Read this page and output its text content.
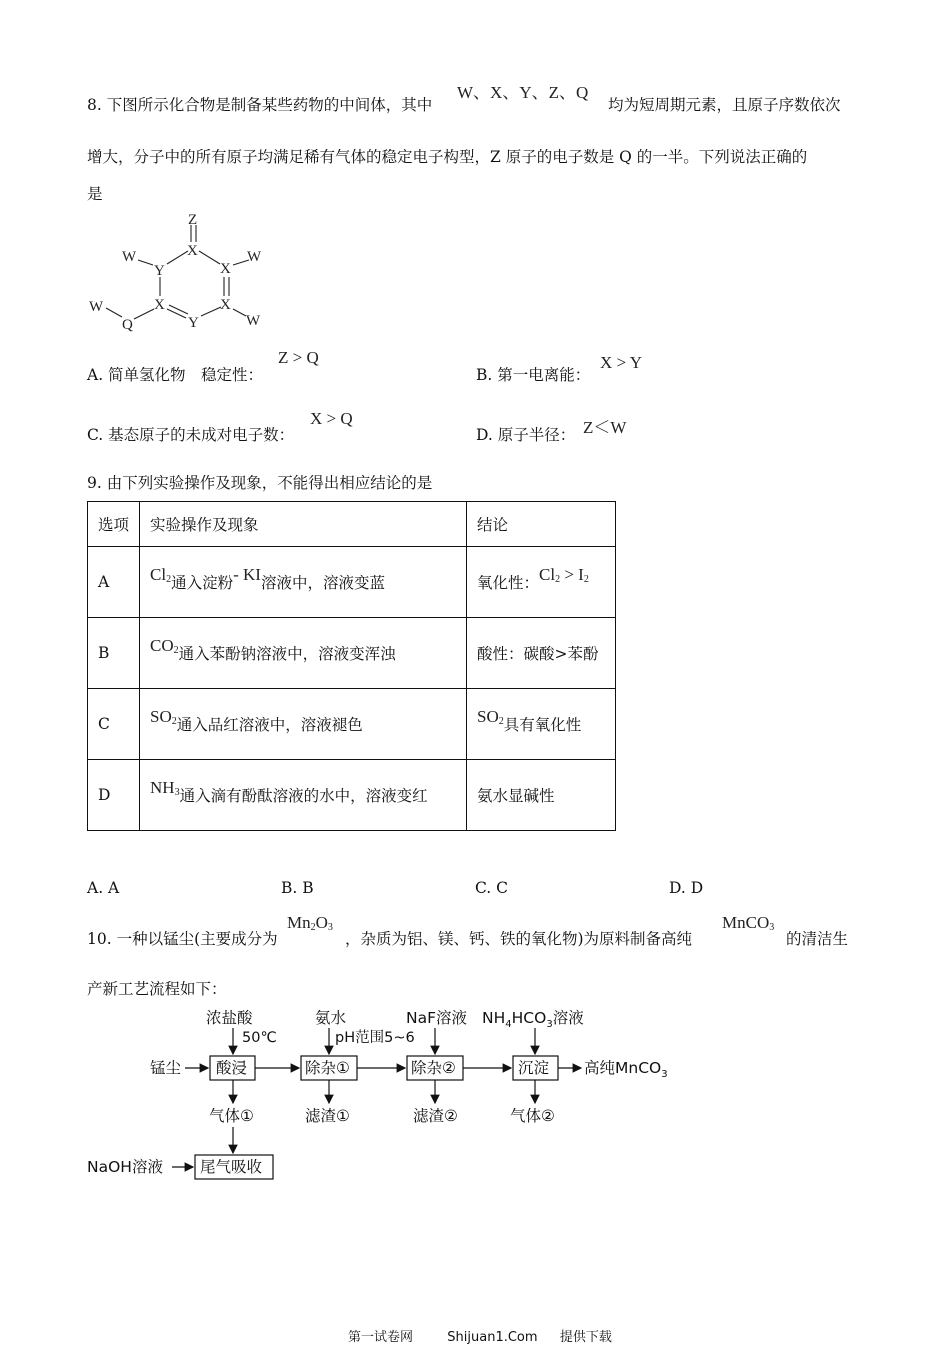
8. 下图所示化合物是制备某些药物的中间体，其中
W、X、Y、Z、Q
均为短周期元素，且原子序数依次
增大，分子中的所有原子均满足稀有气体的稳定电子构型，Z 原子的电子数是 Q 的一半。下列说法正确的
是
Z
X
W
Y	X
W
X	X
W
Y
Q
W
A. 简单氢化物　稳定性：
Z > Q
B. 第一电离能：
X > Y
C. 基态原子的未成对电子数：
X > Q
D. 原子半径： Z＜W
9. 由下列实验操作及现象，不能得出相应结论的是
选项	实验操作及现象	结论
A	$Cl_2$通入淀粉- KI溶液中，溶液变蓝	氧化性：$Cl_2 > I_2$
B	$CO_2$通入苯酚钠溶液中，溶液变浑浊	酸性：碳酸>苯酚
C	$SO_2$通入品红溶液中，溶液褪色	$SO_2$具有氧化性
D	$NH_3$通入滴有酚酞溶液的水中，溶液变红	氨水显碱性
A. A	B. B	C. C	D. D
10. 一种以锰尘(主要成分为
$Mn_2O_3$
，杂质为铝、镁、钙、铁的氧化物)为原料制备高纯
MnCO$_3$
的清洁生
产新工艺流程如下：
浓盐酸
50℃
氨水
pH范围5~6
NaF溶液 $NH_4HCO_3$溶液
锰尘 酸浸	除杂①	除杂②	沉淀 高纯MnCO$_3$
气体①	滤渣①	滤渣②	气体②
NaOH溶液 尾气吸收
第一试卷网	Shijuan1.Com 提供下载
